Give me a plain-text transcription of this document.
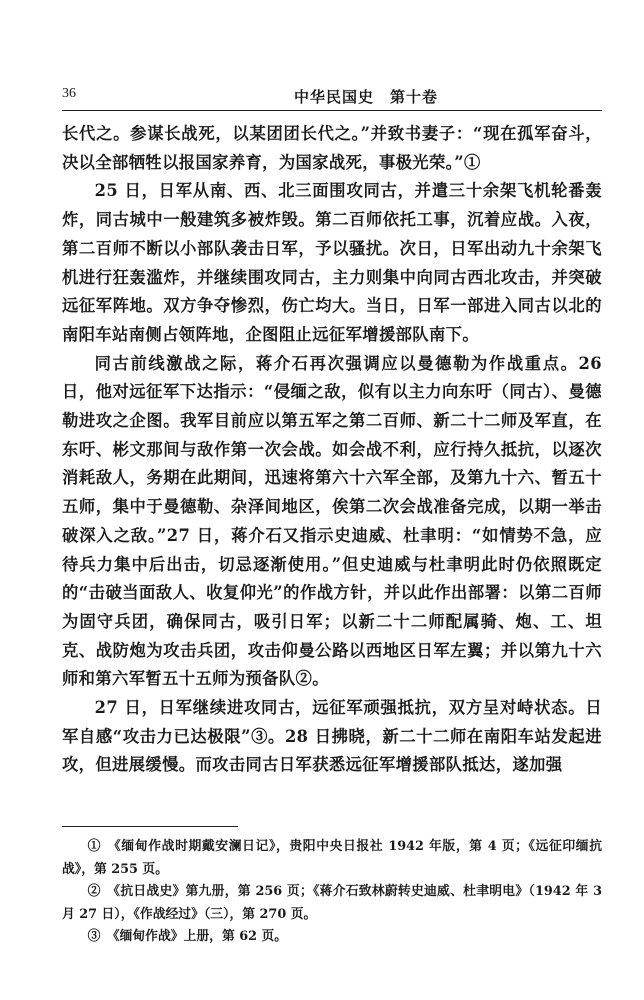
36	中华民国史　第十卷

长代之。参谋长战死，以某团团长代之。”并致书妻子：“现在孤军奋斗，决以全部牺牲以报国家养育，为国家战死，事极光荣。”①

25 日，日军从南、西、北三面围攻同古，并遣三十余架飞机轮番轰炸，同古城中一般建筑多被炸毁。第二百师依托工事，沉着应战。入夜，第二百师不断以小部队袭击日军，予以骚扰。次日，日军出动九十余架飞机进行狂轰滥炸，并继续围攻同古，主力则集中向同古西北攻击，并突破远征军阵地。双方争夺惨烈，伤亡均大。当日，日军一部进入同古以北的南阳车站南侧占领阵地，企图阻止远征军增援部队南下。

同古前线激战之际，蒋介石再次强调应以曼德勒为作战重点。26 日，他对远征军下达指示：“侵缅之敌，似有以主力向东吁（同古）、曼德勒进攻之企图。我军目前应以第五军之第二百师、新二十二师及军直，在东吁、彬文那间与敌作第一次会战。如会战不利，应行持久抵抗，以逐次消耗敌人，务期在此期间，迅速将第六十六军全部，及第九十六、暂五十五师，集中于曼德勒、杂泽间地区，俟第二次会战准备完成，以期一举击破深入之敌。”27 日，蒋介石又指示史迪威、杜聿明：“如情势不急，应待兵力集中后出击，切忌逐渐使用。”但史迪威与杜聿明此时仍依照既定的“击破当面敌人、收复仰光”的作战方针，并以此作出部署：以第二百师为固守兵团，确保同古，吸引日军；以新二十二师配属骑、炮、工、坦克、战防炮为攻击兵团，攻击仰曼公路以西地区日军左翼；并以第九十六师和第六军暂五十五师为预备队②。

27 日，日军继续进攻同古，远征军顽强抵抗，双方呈对峙状态。日军自感“攻击力已达极限”③。28 日拂晓，新二十二师在南阳车站发起进攻，但进展缓慢。而攻击同古日军获悉远征军增援部队抵达，遂加强

①　《缅甸作战时期戴安澜日记》，贵阳中央日报社 1942 年版，第 4 页；《远征印缅抗战》，第 255 页。

②　《抗日战史》第九册，第 256 页；《蒋介石致林蔚转史迪威、杜聿明电》（1942 年 3 月 27 日），《作战经过》（三），第 270 页。

③　《缅甸作战》上册，第 62 页。
